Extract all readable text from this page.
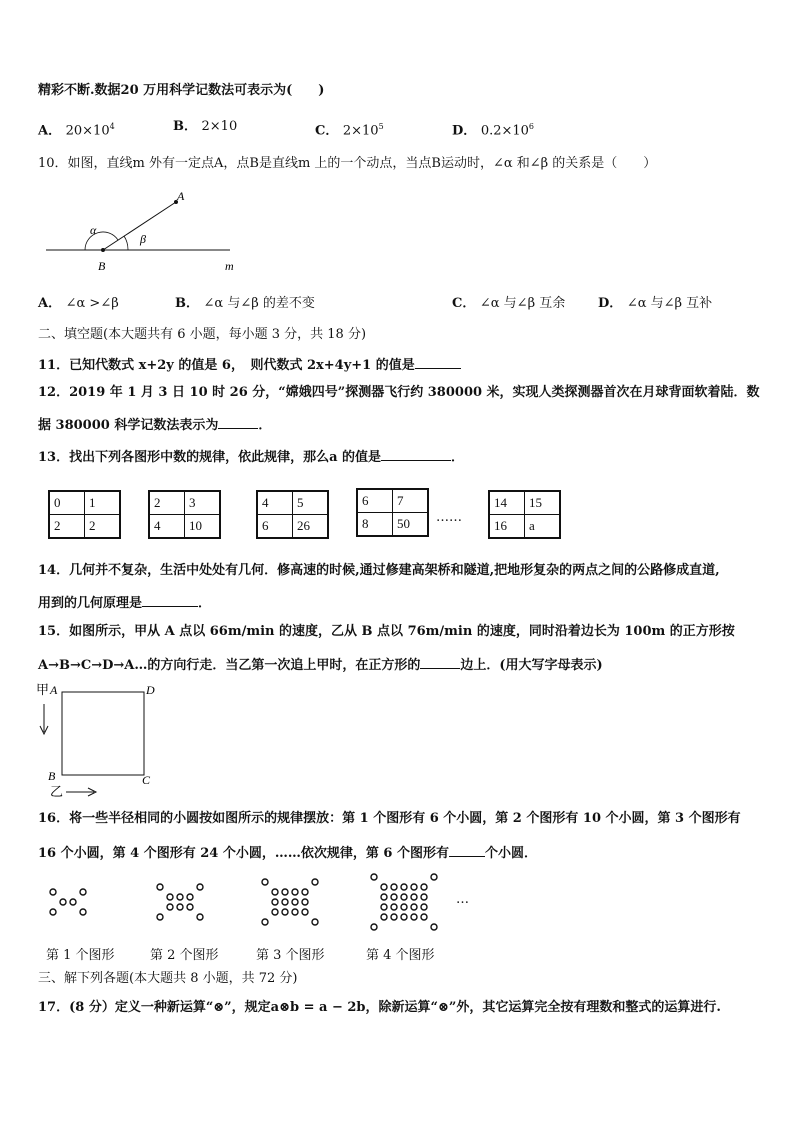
精彩不断.数据20 万用科学记数法可表示为(　　)
A． $20\times 10^4$	B． 2×10	C． $2\times 10^5$	D． $0.2\times 10^6$
10．如图，直线m 外有一定点A，点B是直线m 上的一个动点，当点B运动时，∠α 和∠β 的关系是（　　）
A
B	m
α
β
A． ∠α >∠β	B． ∠α 与∠β 的差不变	C． ∠α 与∠β 互余	D． ∠α 与∠β 互补
二、填空题(本大题共有 6 小题，每小题 3 分，共 18 分)
11．已知代数式 x+2y 的值是 6，　则代数式 2x+4y+1 的值是
12．2019 年 1 月 3 日 10 时 26 分，“嫦娥四号”探测器飞行约 380000 米，实现人类探测器首次在月球背面软着陆．数
据 380000 科学记数法表示为	．
13．找出下列各图形中数的规律，依此规律，那么a 的值是	．
0	1
2	2
2	3
4	10
4	5
6	26
6	7
8	50
14	15
16	a
……
14．几何并不复杂，生活中处处有几何．修高速的时候,通过修建高架桥和隧道,把地形复杂的两点之间的公路修成直道,
用到的几何原理是	．
15．如图所示，甲从 A 点以 66m/min 的速度，乙从 B 点以 76m/min 的速度，同时沿着边长为 100m 的正方形按
A→B→C→D→A…的方向行走．当乙第一次追上甲时，在正方形的	边上．(用大写字母表示)
甲 A	D
B	C
乙
16．将一些半径相同的小圆按如图所示的规律摆放：第 1 个图形有 6 个小圆，第 2 个图形有 10 个小圆，第 3 个图形有
16 个小圆，第 4 个图形有 24 个小圆，……依次规律，第 6 个图形有	个小圆．
…
第 1 个图形	第 2 个图形	第 3 个图形	第 4 个图形
三、解下列各题(本大题共 8 小题，共 72 分)
17．(8 分）定义一种新运算“⊗”，规定a⊗b = a − 2b，除新运算“⊗”外，其它运算完全按有理数和整式的运算进行.
